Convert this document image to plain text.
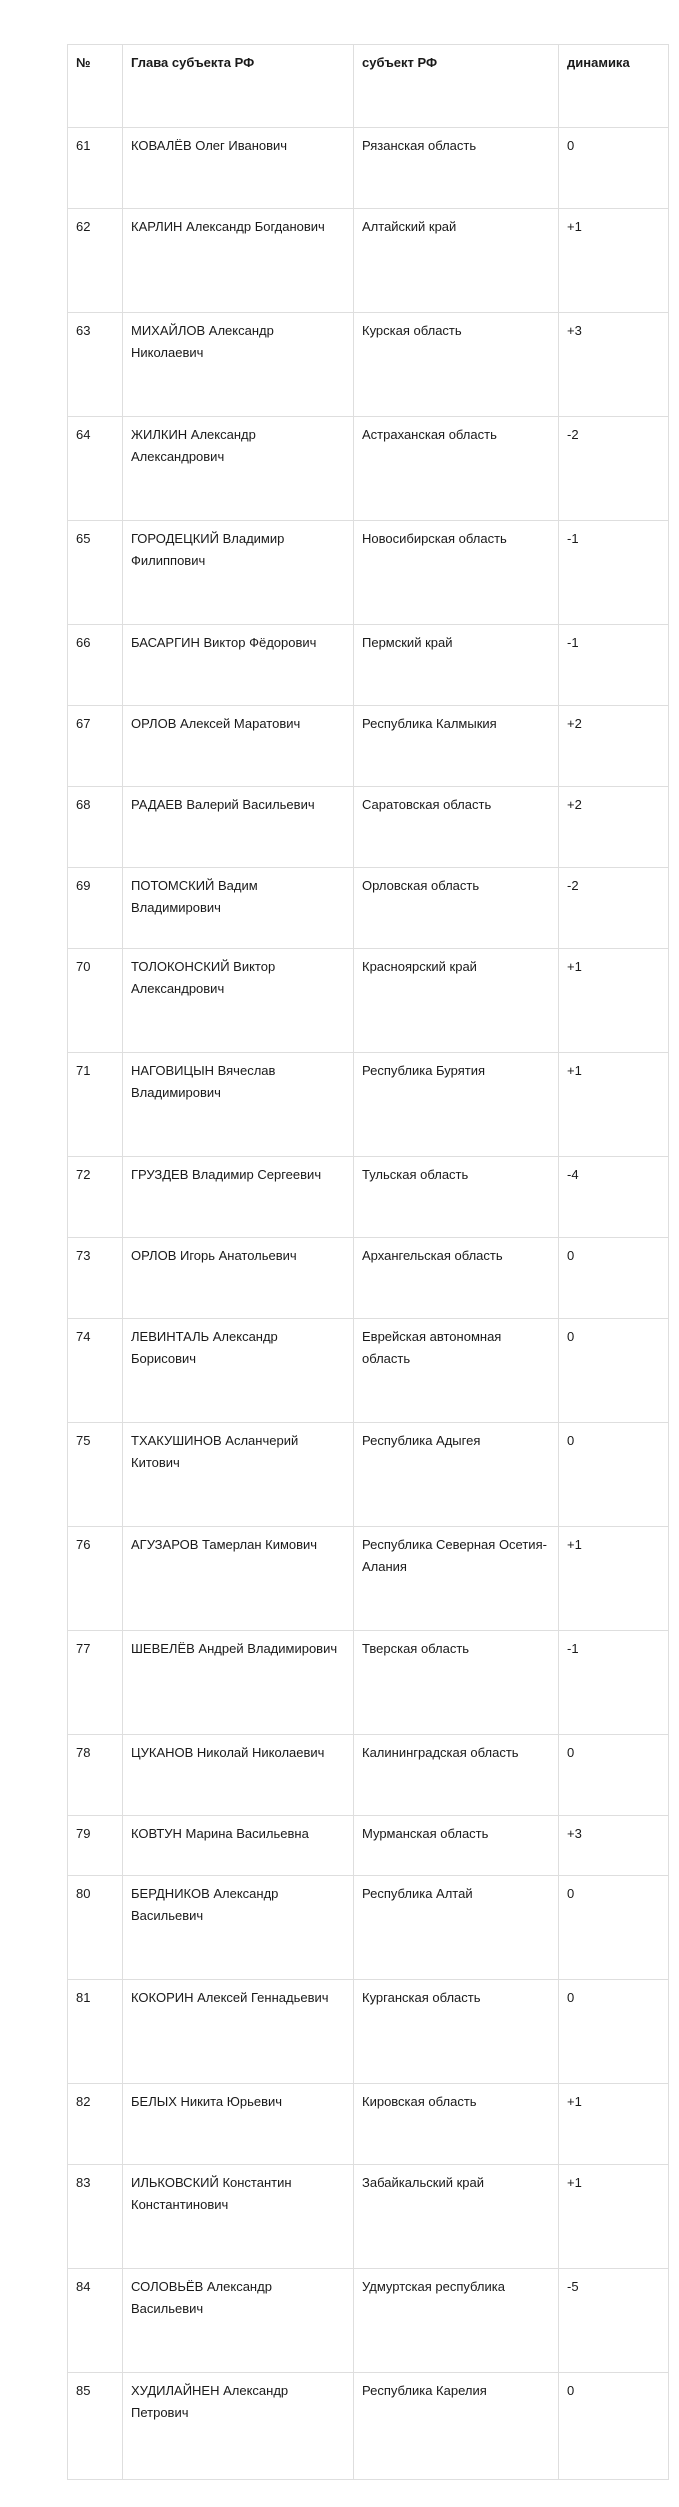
№	Глава субъекта РФ	субъект РФ	динамика
61	КОВАЛЁВ Олег Иванович	Рязанская область	0
62	КАРЛИН Александр Богданович	Алтайский край	+1
63	МИХАЙЛОВ Александр Николаевич	Курская область	+3
64	ЖИЛКИН Александр Александрович	Астраханская область	-2
65	ГОРОДЕЦКИЙ Владимир Филиппович	Новосибирская область	-1
66	БАСАРГИН Виктор Фёдорович	Пермский край	-1
67	ОРЛОВ Алексей Маратович	Республика Калмыкия	+2
68	РАДАЕВ Валерий Васильевич	Саратовская область	+2
69	ПОТОМСКИЙ Вадим Владимирович	Орловская область	-2
70	ТОЛОКОНСКИЙ Виктор Александрович	Красноярский край	+1
71	НАГОВИЦЫН Вячеслав Владимирович	Республика Бурятия	+1
72	ГРУЗДЕВ Владимир Сергеевич	Тульская область	-4
73	ОРЛОВ Игорь Анатольевич	Архангельская область	0
74	ЛЕВИНТАЛЬ Александр Борисович	Еврейская автономная область	0
75	ТХАКУШИНОВ Асланчерий Китович	Республика Адыгея	0
76	АГУЗАРОВ Тамерлан Кимович	Республика Северная Осетия-Алания	+1
77	ШЕВЕЛЁВ Андрей Владимирович	Тверская область	-1
78	ЦУКАНОВ Николай Николаевич	Калининградская область	0
79	КОВТУН Марина Васильевна	Мурманская область	+3
80	БЕРДНИКОВ Александр Васильевич	Республика Алтай	0
81	КОКОРИН Алексей Геннадьевич	Курганская область	0
82	БЕЛЫХ Никита Юрьевич	Кировская область	+1
83	ИЛЬКОВСКИЙ Константин Константинович	Забайкальский край	+1
84	СОЛОВЬЁВ Александр Васильевич	Удмуртская республика	-5
85	ХУДИЛАЙНЕН Александр Петрович	Республика Карелия	0
